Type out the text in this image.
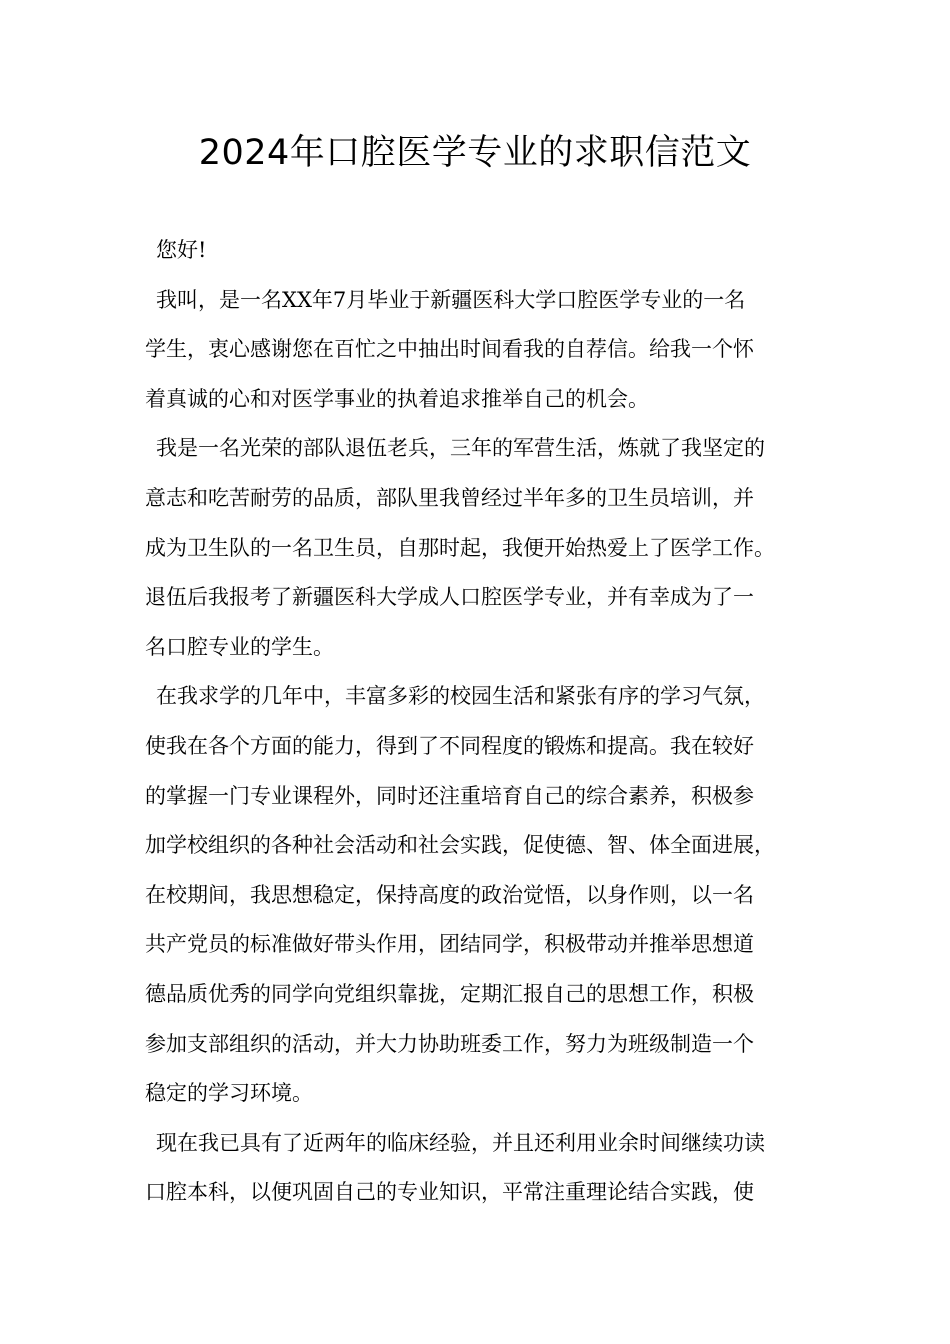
2024年口腔医学专业的求职信范文
您好!
我叫，是一名XX年7月毕业于新疆医科大学口腔医学专业的一名
学生，衷心感谢您在百忙之中抽出时间看我的自荐信。给我一个怀
着真诚的心和对医学事业的执着追求推举自己的机会。
我是一名光荣的部队退伍老兵，三年的军营生活，炼就了我坚定的
意志和吃苦耐劳的品质，部队里我曾经过半年多的卫生员培训，并
成为卫生队的一名卫生员，自那时起，我便开始热爱上了医学工作。
退伍后我报考了新疆医科大学成人口腔医学专业，并有幸成为了一
名口腔专业的学生。
在我求学的几年中，丰富多彩的校园生活和紧张有序的学习气氛，
使我在各个方面的能力，得到了不同程度的锻炼和提高。我在较好
的掌握一门专业课程外，同时还注重培育自己的综合素养，积极参
加学校组织的各种社会活动和社会实践，促使德、智、体全面进展，
在校期间，我思想稳定，保持高度的政治觉悟，以身作则，以一名
共产党员的标准做好带头作用，团结同学，积极带动并推举思想道
德品质优秀的同学向党组织靠拢，定期汇报自己的思想工作，积极
参加支部组织的活动，并大力协助班委工作，努力为班级制造一个
稳定的学习环境。
现在我已具有了近两年的临床经验，并且还利用业余时间继续功读
口腔本科，以便巩固自己的专业知识，平常注重理论结合实践，使
